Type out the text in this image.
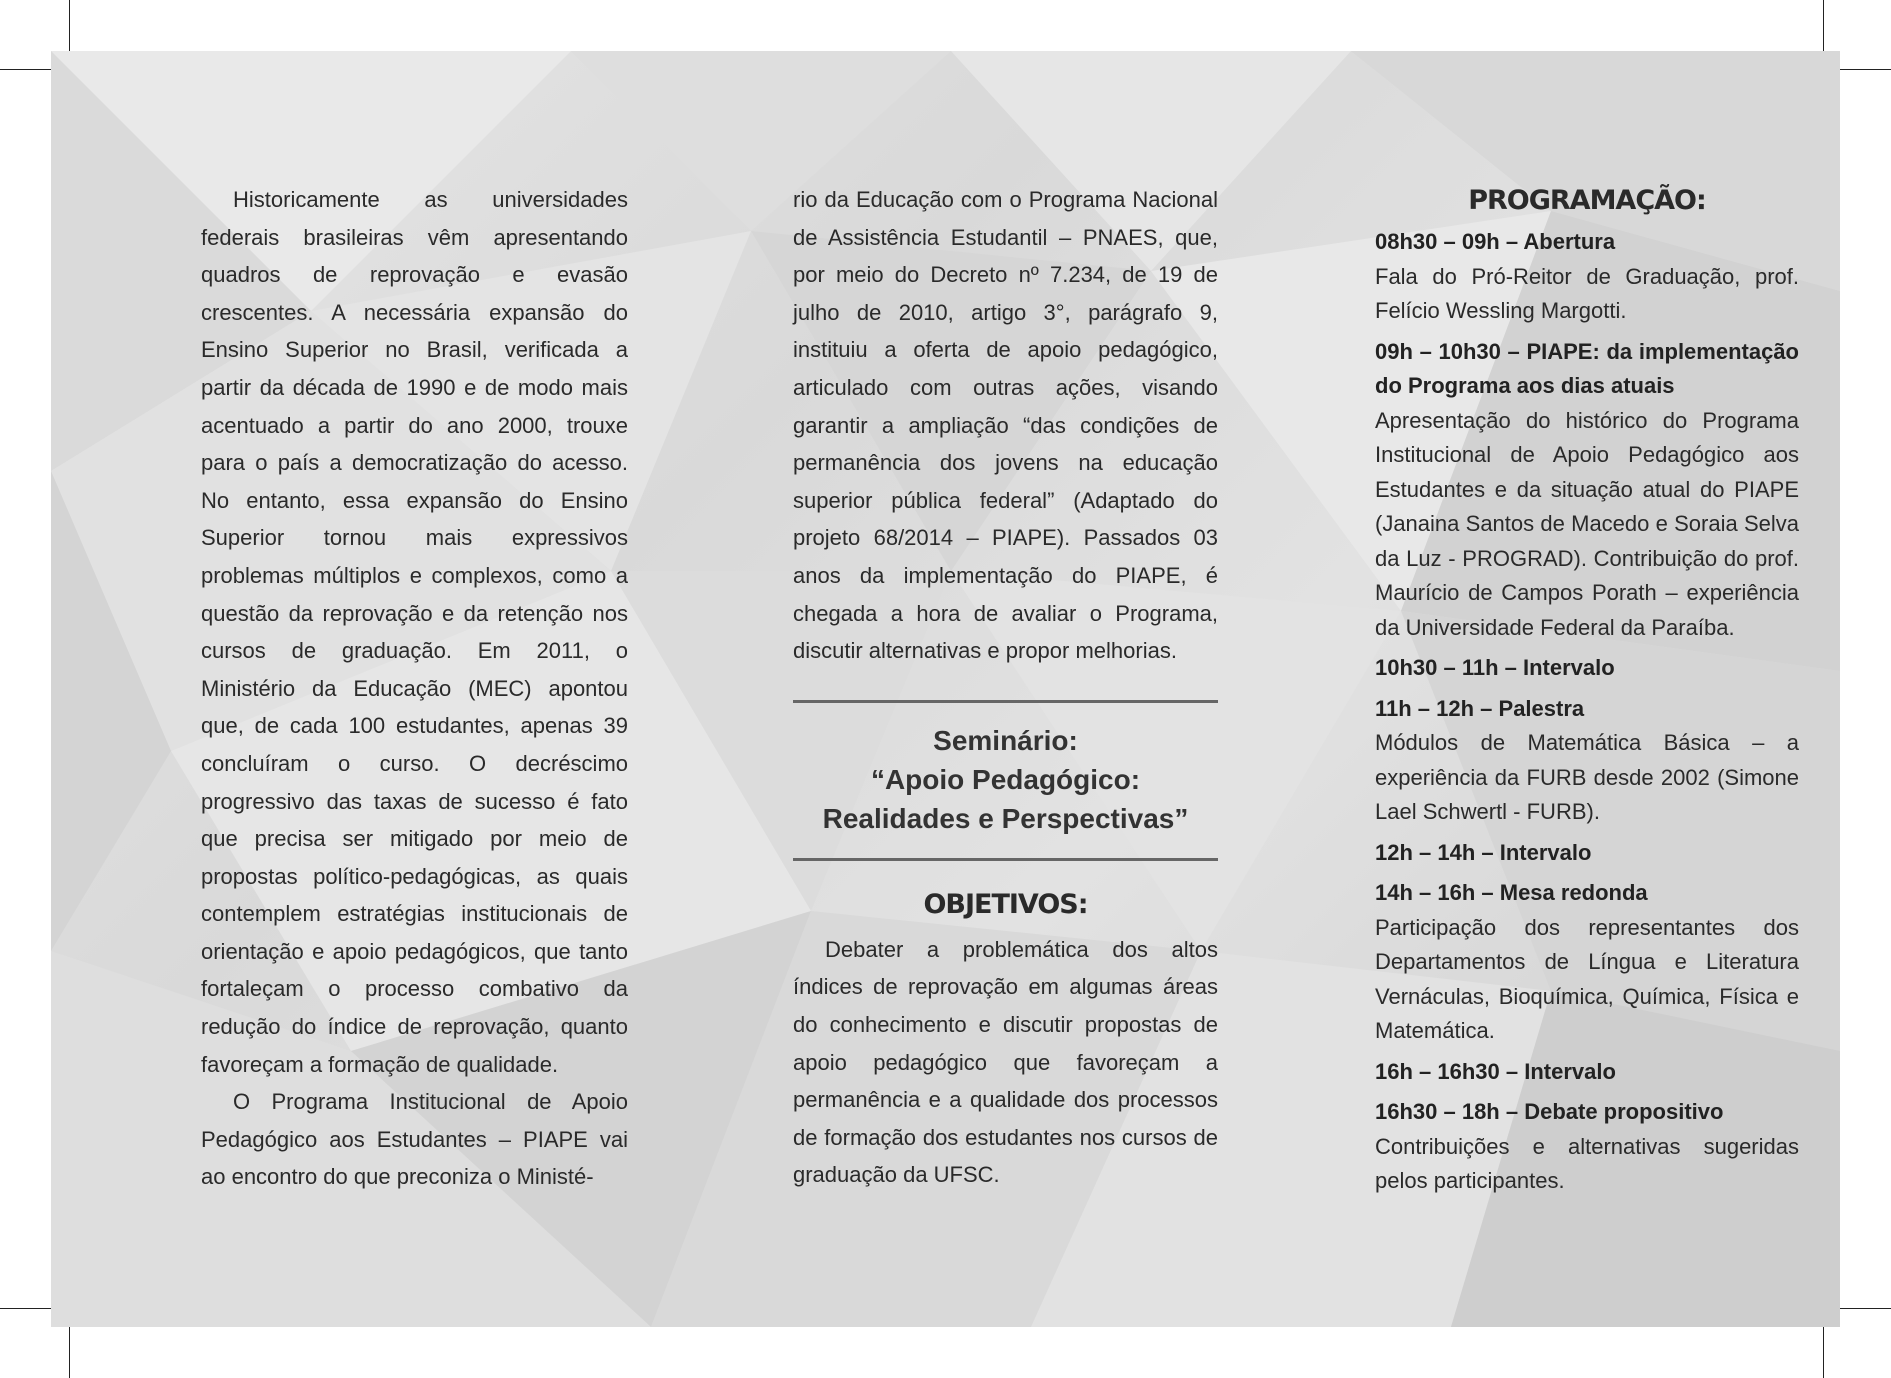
Historicamente as universidades federais brasileiras vêm apresentando quadros de reprovação e evasão crescentes. A necessária expansão do Ensino Superior no Brasil, verificada a partir da década de 1990 e de modo mais acentuado a partir do ano 2000, trouxe para o país a democratização do acesso. No entanto, essa expansão do Ensino Superior tornou mais expressivos problemas múltiplos e complexos, como a questão da reprovação e da retenção nos cursos de graduação. Em 2011, o Ministério da Educação (MEC) apontou que, de cada 100 estudantes, apenas 39 concluíram o curso. O decréscimo progressivo das taxas de sucesso é fato que precisa ser mitigado por meio de propostas político-pedagógicas, as quais contemplem estratégias institucionais de orientação e apoio pedagógicos, que tanto fortaleçam o processo combativo da redução do índice de reprovação, quanto favoreçam a formação de qualidade.

O Programa Institucional de Apoio Pedagógico aos Estudantes – PIAPE vai ao encontro do que preconiza o Ministé-

rio da Educação com o Programa Nacional de Assistência Estudantil – PNAES, que, por meio do Decreto nº 7.234, de 19 de julho de 2010, artigo 3°, parágrafo 9, instituiu a oferta de apoio pedagógico, articulado com outras ações, visando garantir a ampliação “das condições de permanência dos jovens na educação superior pública federal” (Adaptado do projeto 68/2014 – PIAPE). Passados 03 anos da implementação do PIAPE, é chegada a hora de avaliar o Programa, discutir alternativas e propor melhorias.

Seminário:
“Apoio Pedagógico:
Realidades e Perspectivas”
OBJETIVOS:

Debater a problemática dos altos índices de reprovação em algumas áreas do conhecimento e discutir propostas de apoio pedagógico que favoreçam a permanência e a qualidade dos processos de formação dos estudantes nos cursos de graduação da UFSC.

PROGRAMAÇÃO:
08h30 – 09h – Abertura
Fala do Pró-Reitor de Graduação, prof. Felício Wessling Margotti.
09h – 10h30 – PIAPE: da implementação do Programa aos dias atuais
Apresentação do histórico do Programa Institucional de Apoio Pedagógico aos Estudantes e da situação atual do PIAPE (Janaina Santos de Macedo e Soraia Selva da Luz - PROGRAD). Contribuição do prof. Maurício de Campos Porath – experiência da Universidade Federal da Paraíba.
10h30 – 11h – Intervalo
11h – 12h – Palestra
Módulos de Matemática Básica – a experiência da FURB desde 2002 (Simone Lael Schwertl - FURB).
12h – 14h – Intervalo
14h – 16h – Mesa redonda
Participação dos representantes dos Departamentos de Língua e Literatura Vernáculas, Bioquímica, Química, Física e Matemática.
16h – 16h30 – Intervalo
16h30 – 18h – Debate propositivo
Contribuições e alternativas sugeridas pelos participantes.
